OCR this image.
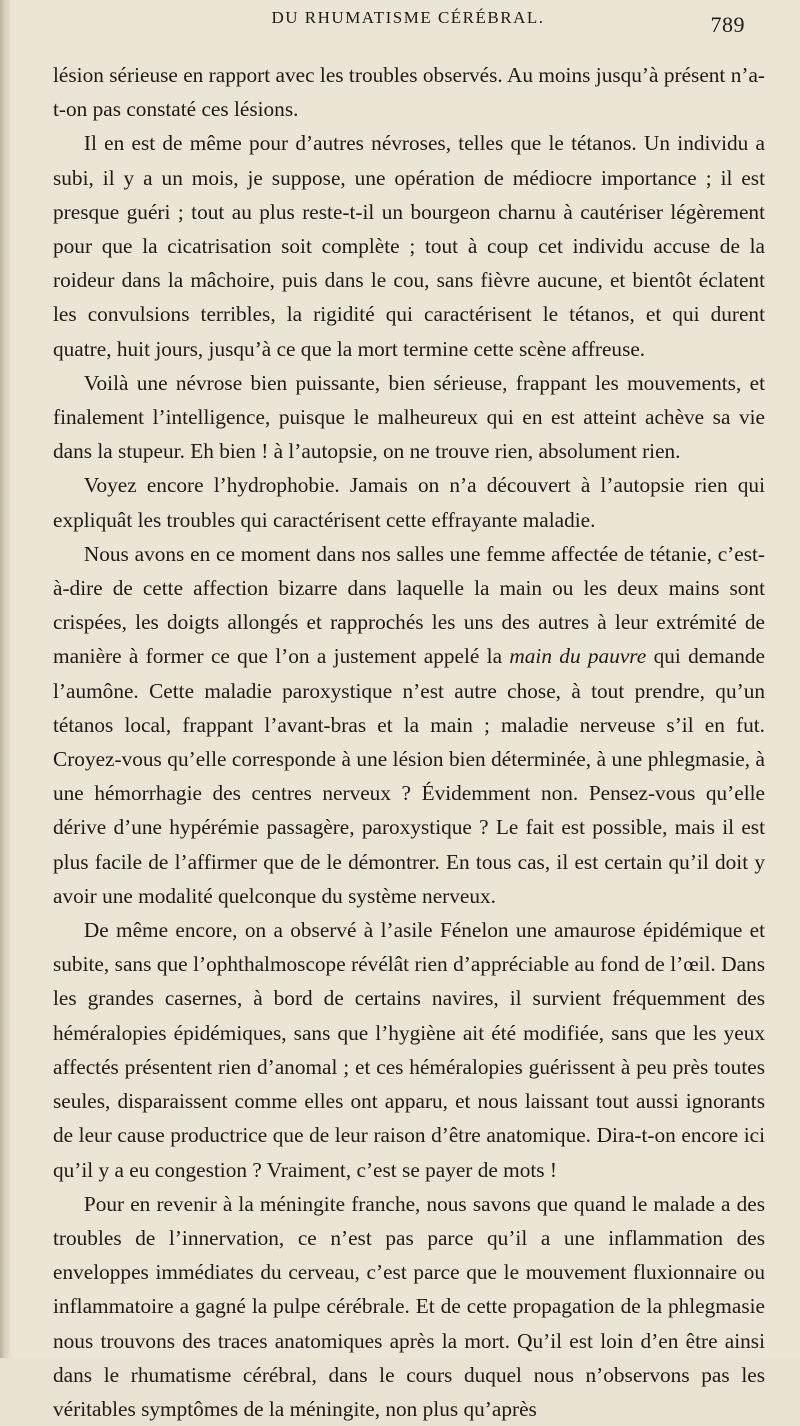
DU RHUMATISME CÉRÉBRAL.	789

lésion sérieuse en rapport avec les troubles observés. Au moins jusqu’à présent n’a-t-on pas constaté ces lésions.

Il en est de même pour d’autres névroses, telles que le tétanos. Un individu a subi, il y a un mois, je suppose, une opération de médiocre importance ; il est presque guéri ; tout au plus reste-t-il un bourgeon charnu à cautériser légèrement pour que la cicatrisation soit complète ; tout à coup cet individu accuse de la roideur dans la mâchoire, puis dans le cou, sans fièvre aucune, et bientôt éclatent les convulsions terribles, la rigidité qui caractérisent le tétanos, et qui durent quatre, huit jours, jusqu’à ce que la mort termine cette scène affreuse.

Voilà une névrose bien puissante, bien sérieuse, frappant les mouvements, et finalement l’intelligence, puisque le malheureux qui en est atteint achève sa vie dans la stupeur. Eh bien ! à l’autopsie, on ne trouve rien, absolument rien.

Voyez encore l’hydrophobie. Jamais on n’a découvert à l’autopsie rien qui expliquât les troubles qui caractérisent cette effrayante maladie.

Nous avons en ce moment dans nos salles une femme affectée de tétanie, c’est-à-dire de cette affection bizarre dans laquelle la main ou les deux mains sont crispées, les doigts allongés et rapprochés les uns des autres à leur extrémité de manière à former ce que l’on a justement appelé la main du pauvre qui demande l’aumône. Cette maladie paroxystique n’est autre chose, à tout prendre, qu’un tétanos local, frappant l’avant-bras et la main ; maladie nerveuse s’il en fut. Croyez-vous qu’elle corresponde à une lésion bien déterminée, à une phlegmasie, à une hémorrhagie des centres nerveux ? Évidemment non. Pensez-vous qu’elle dérive d’une hypérémie passagère, paroxystique ? Le fait est possible, mais il est plus facile de l’affirmer que de le démontrer. En tous cas, il est certain qu’il doit y avoir une modalité quelconque du système nerveux.

De même encore, on a observé à l’asile Fénelon une amaurose épidémique et subite, sans que l’ophthalmoscope révélât rien d’appréciable au fond de l’œil. Dans les grandes casernes, à bord de certains navires, il survient fréquemment des héméralopies épidémiques, sans que l’hygiène ait été modifiée, sans que les yeux affectés présentent rien d’anomal ; et ces héméralopies guérissent à peu près toutes seules, disparaissent comme elles ont apparu, et nous laissant tout aussi ignorants de leur cause productrice que de leur raison d’être anatomique. Dira-t-on encore ici qu’il y a eu congestion ? Vraiment, c’est se payer de mots !

Pour en revenir à la méningite franche, nous savons que quand le malade a des troubles de l’innervation, ce n’est pas parce qu’il a une inflammation des enveloppes immédiates du cerveau, c’est parce que le mouvement fluxionnaire ou inflammatoire a gagné la pulpe cérébrale. Et de cette propagation de la phlegmasie nous trouvons des traces anatomiques après la mort. Qu’il est loin d’en être ainsi dans le rhumatisme cérébral, dans le cours duquel nous n’observons pas les véritables symptômes de la méningite, non plus qu’après
